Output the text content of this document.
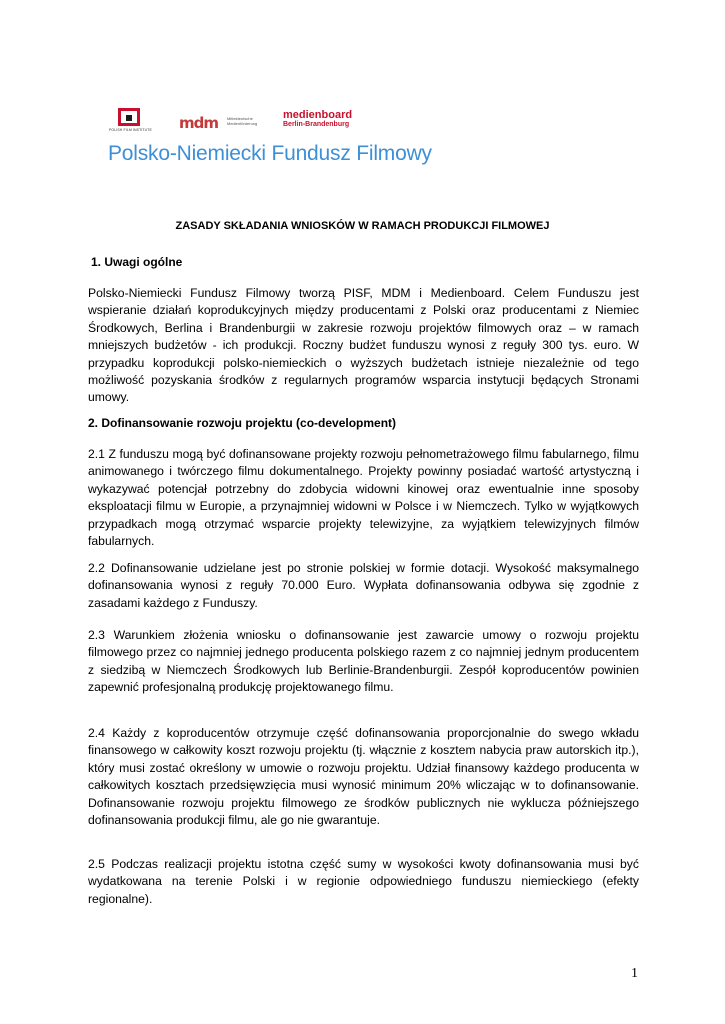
POLISH FILM INSTITUTE	mdm Mitteldeutsche Medienförderung
medienboard
Berlin-Brandenburg
Polsko-Niemiecki Fundusz Filmowy
ZASADY SKŁADANIA WNIOSKÓW W RAMACH PRODUKCJI FILMOWEJ
1. Uwagi ogólne
Polsko-Niemiecki Fundusz Filmowy tworzą PISF, MDM i Medienboard. Celem Funduszu jest wspieranie działań koprodukcyjnych między producentami z Polski oraz producentami z Niemiec Środkowych, Berlina i Brandenburgii w zakresie rozwoju projektów filmowych oraz – w ramach mniejszych budżetów - ich produkcji. Roczny budżet funduszu wynosi z reguły 300 tys. euro. W przypadku koprodukcji polsko-niemieckich o wyższych budżetach istnieje niezależnie od tego możliwość pozyskania środków z regularnych programów wsparcia instytucji będących Stronami umowy.
2. Dofinansowanie rozwoju projektu (co-development)
2.1 Z funduszu mogą być dofinansowane projekty rozwoju pełnometrażowego filmu fabularnego, filmu animowanego i twórczego filmu dokumentalnego. Projekty powinny posiadać wartość artystyczną i wykazywać potencjał potrzebny do zdobycia widowni kinowej oraz ewentualnie inne sposoby eksploatacji filmu w Europie, a przynajmniej widowni w Polsce i w Niemczech. Tylko w wyjątkowych przypadkach mogą otrzymać wsparcie projekty telewizyjne, za wyjątkiem telewizyjnych filmów fabularnych.
2.2 Dofinansowanie udzielane jest po stronie polskiej w formie dotacji. Wysokość maksymalnego dofinansowania wynosi z reguły 70.000 Euro. Wypłata dofinansowania odbywa się zgodnie z zasadami każdego z Funduszy.
2.3 Warunkiem złożenia wniosku o dofinansowanie jest zawarcie umowy o rozwoju projektu filmowego przez co najmniej jednego producenta polskiego razem z co najmniej jednym producentem z siedzibą w Niemczech Środkowych lub Berlinie-Brandenburgii. Zespół koproducentów powinien zapewnić profesjonalną produkcję projektowanego filmu.
2.4 Każdy z koproducentów otrzymuje część dofinansowania proporcjonalnie do swego wkładu finansowego w całkowity koszt rozwoju projektu (tj. włącznie z kosztem nabycia praw autorskich itp.), który musi zostać określony w umowie o rozwoju projektu. Udział finansowy każdego producenta w całkowitych kosztach przedsięwzięcia musi wynosić minimum 20% wliczając w to dofinansowanie. Dofinansowanie rozwoju projektu filmowego ze środków publicznych nie wyklucza późniejszego dofinansowania produkcji filmu, ale go nie gwarantuje.
2.5 Podczas realizacji projektu istotna część sumy w wysokości kwoty dofinansowania musi być wydatkowana na terenie Polski i w regionie odpowiedniego funduszu niemieckiego (efekty regionalne).
1
